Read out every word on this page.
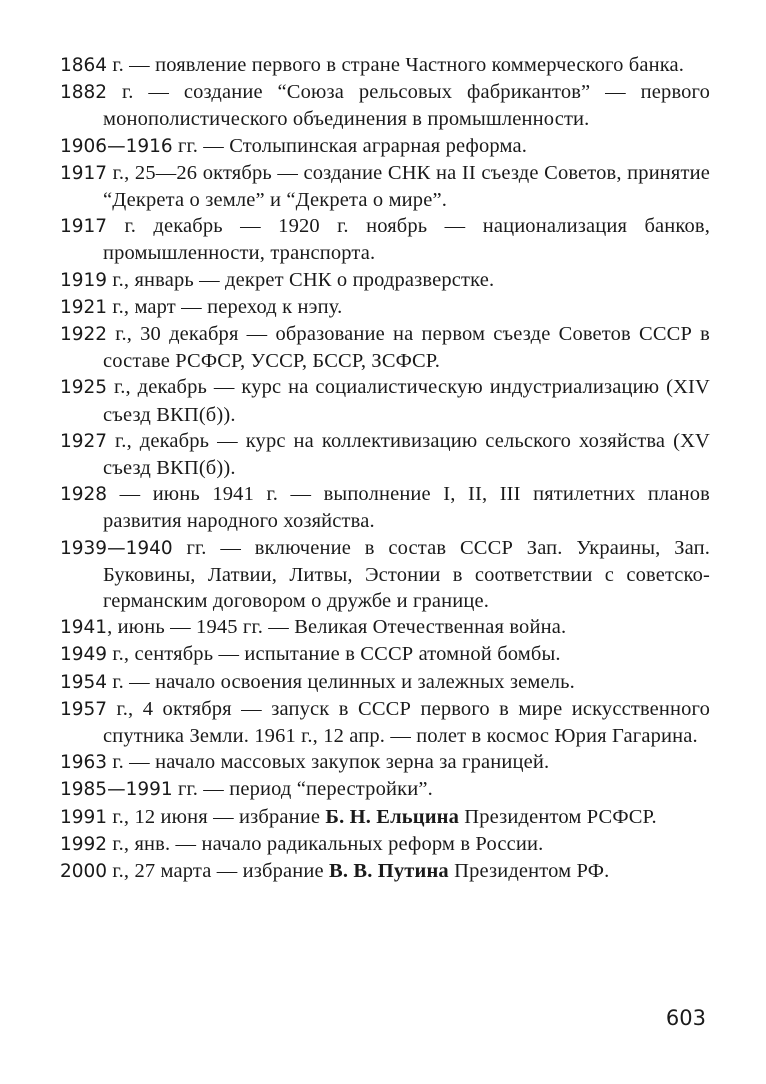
1864 г. — появление первого в стране Частного коммерческого банка.

1882 г. — создание “Союза рельсовых фабрикантов” — первого монополистического объединения в промышленности.

1906—1916 гг. — Столыпинская аграрная реформа.

1917 г., 25—26 октябрь — создание СНК на II съезде Советов, принятие “Декрета о земле” и “Декрета о мире”.

1917 г. декабрь — 1920 г. ноябрь — национализация банков, промышленности, транспорта.

1919 г., январь — декрет СНК о продразверстке.

1921 г., март — переход к нэпу.

1922 г., 30 декабря — образование на первом съезде Советов СССР в составе РСФСР, УССР, БССР, ЗСФСР.

1925 г., декабрь — курс на социалистическую индустриализацию (XIV съезд ВКП(б)).

1927 г., декабрь — курс на коллективизацию сельского хозяйства (XV съезд ВКП(б)).

1928 — июнь 1941 г. — выполнение I, II, III пятилетних планов развития народного хозяйства.

1939—1940 гг. — включение в состав СССР Зап. Украины, Зап. Буковины, Латвии, Литвы, Эстонии в соответствии с советско-германским договором о дружбе и границе.

1941, июнь — 1945 гг. — Великая Отечественная война.

1949 г., сентябрь — испытание в СССР атомной бомбы.

1954 г. — начало освоения целинных и залежных земель.

1957 г., 4 октября — запуск в СССР первого в мире искусственного спутника Земли. 1961 г., 12 апр. — полет в космос Юрия Гагарина.

1963 г. — начало массовых закупок зерна за границей.

1985—1991 гг. — период “перестройки”.

1991 г., 12 июня — избрание Б. Н. Ельцина Президентом РСФСР.

1992 г., янв. — начало радикальных реформ в России.

2000 г., 27 марта — избрание В. В. Путина Президентом РФ.

603
